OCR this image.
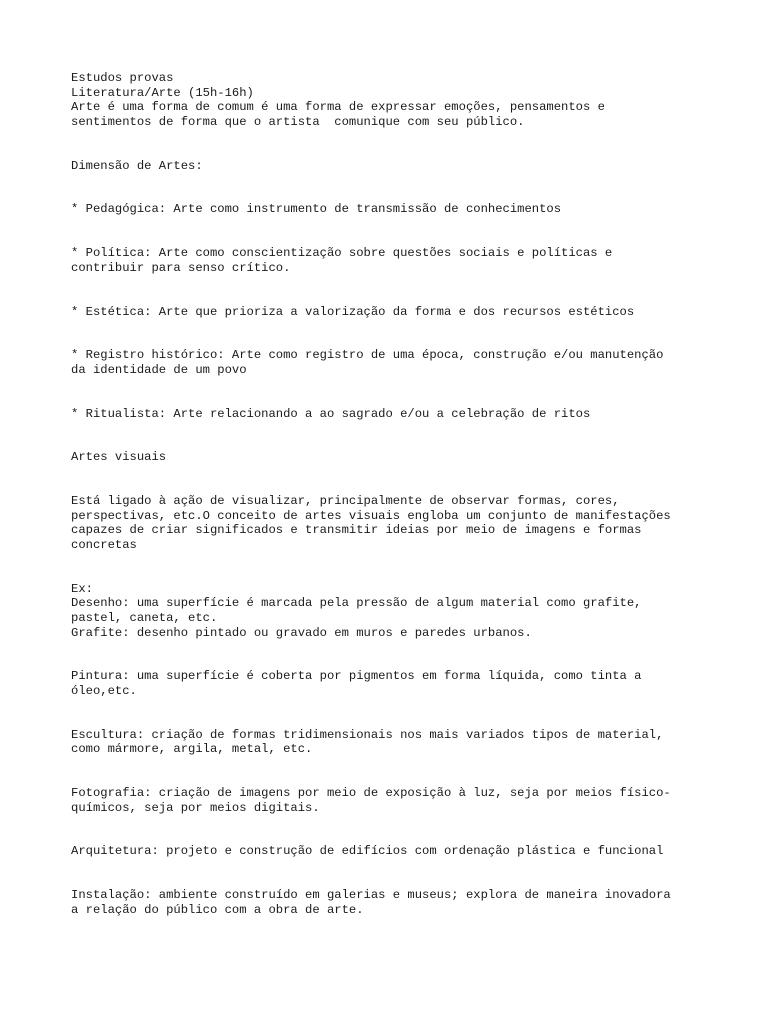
Estudos provas
Literatura/Arte (15h-16h)
Arte é uma forma de comum é uma forma de expressar emoções, pensamentos e
sentimentos de forma que o artista  comunique com seu público.
Dimensão de Artes:
* Pedagógica: Arte como instrumento de transmissão de conhecimentos
* Política: Arte como conscientização sobre questões sociais e políticas e
contribuir para senso crítico.
* Estética: Arte que prioriza a valorização da forma e dos recursos estéticos
* Registro histórico: Arte como registro de uma época, construção e/ou manutenção
da identidade de um povo
* Ritualista: Arte relacionando a ao sagrado e/ou a celebração de ritos
Artes visuais
Está ligado à ação de visualizar, principalmente de observar formas, cores,
perspectivas, etc.O conceito de artes visuais engloba um conjunto de manifestações
capazes de criar significados e transmitir ideias por meio de imagens e formas
concretas
Ex:
Desenho: uma superfície é marcada pela pressão de algum material como grafite,
pastel, caneta, etc.
Grafite: desenho pintado ou gravado em muros e paredes urbanos.
Pintura: uma superfície é coberta por pigmentos em forma líquida, como tinta a
óleo,etc.
Escultura: criação de formas tridimensionais nos mais variados tipos de material,
como mármore, argila, metal, etc.
Fotografia: criação de imagens por meio de exposição à luz, seja por meios físico-
químicos, seja por meios digitais.
Arquitetura: projeto e construção de edifícios com ordenação plástica e funcional
Instalação: ambiente construído em galerias e museus; explora de maneira inovadora
a relação do público com a obra de arte.
